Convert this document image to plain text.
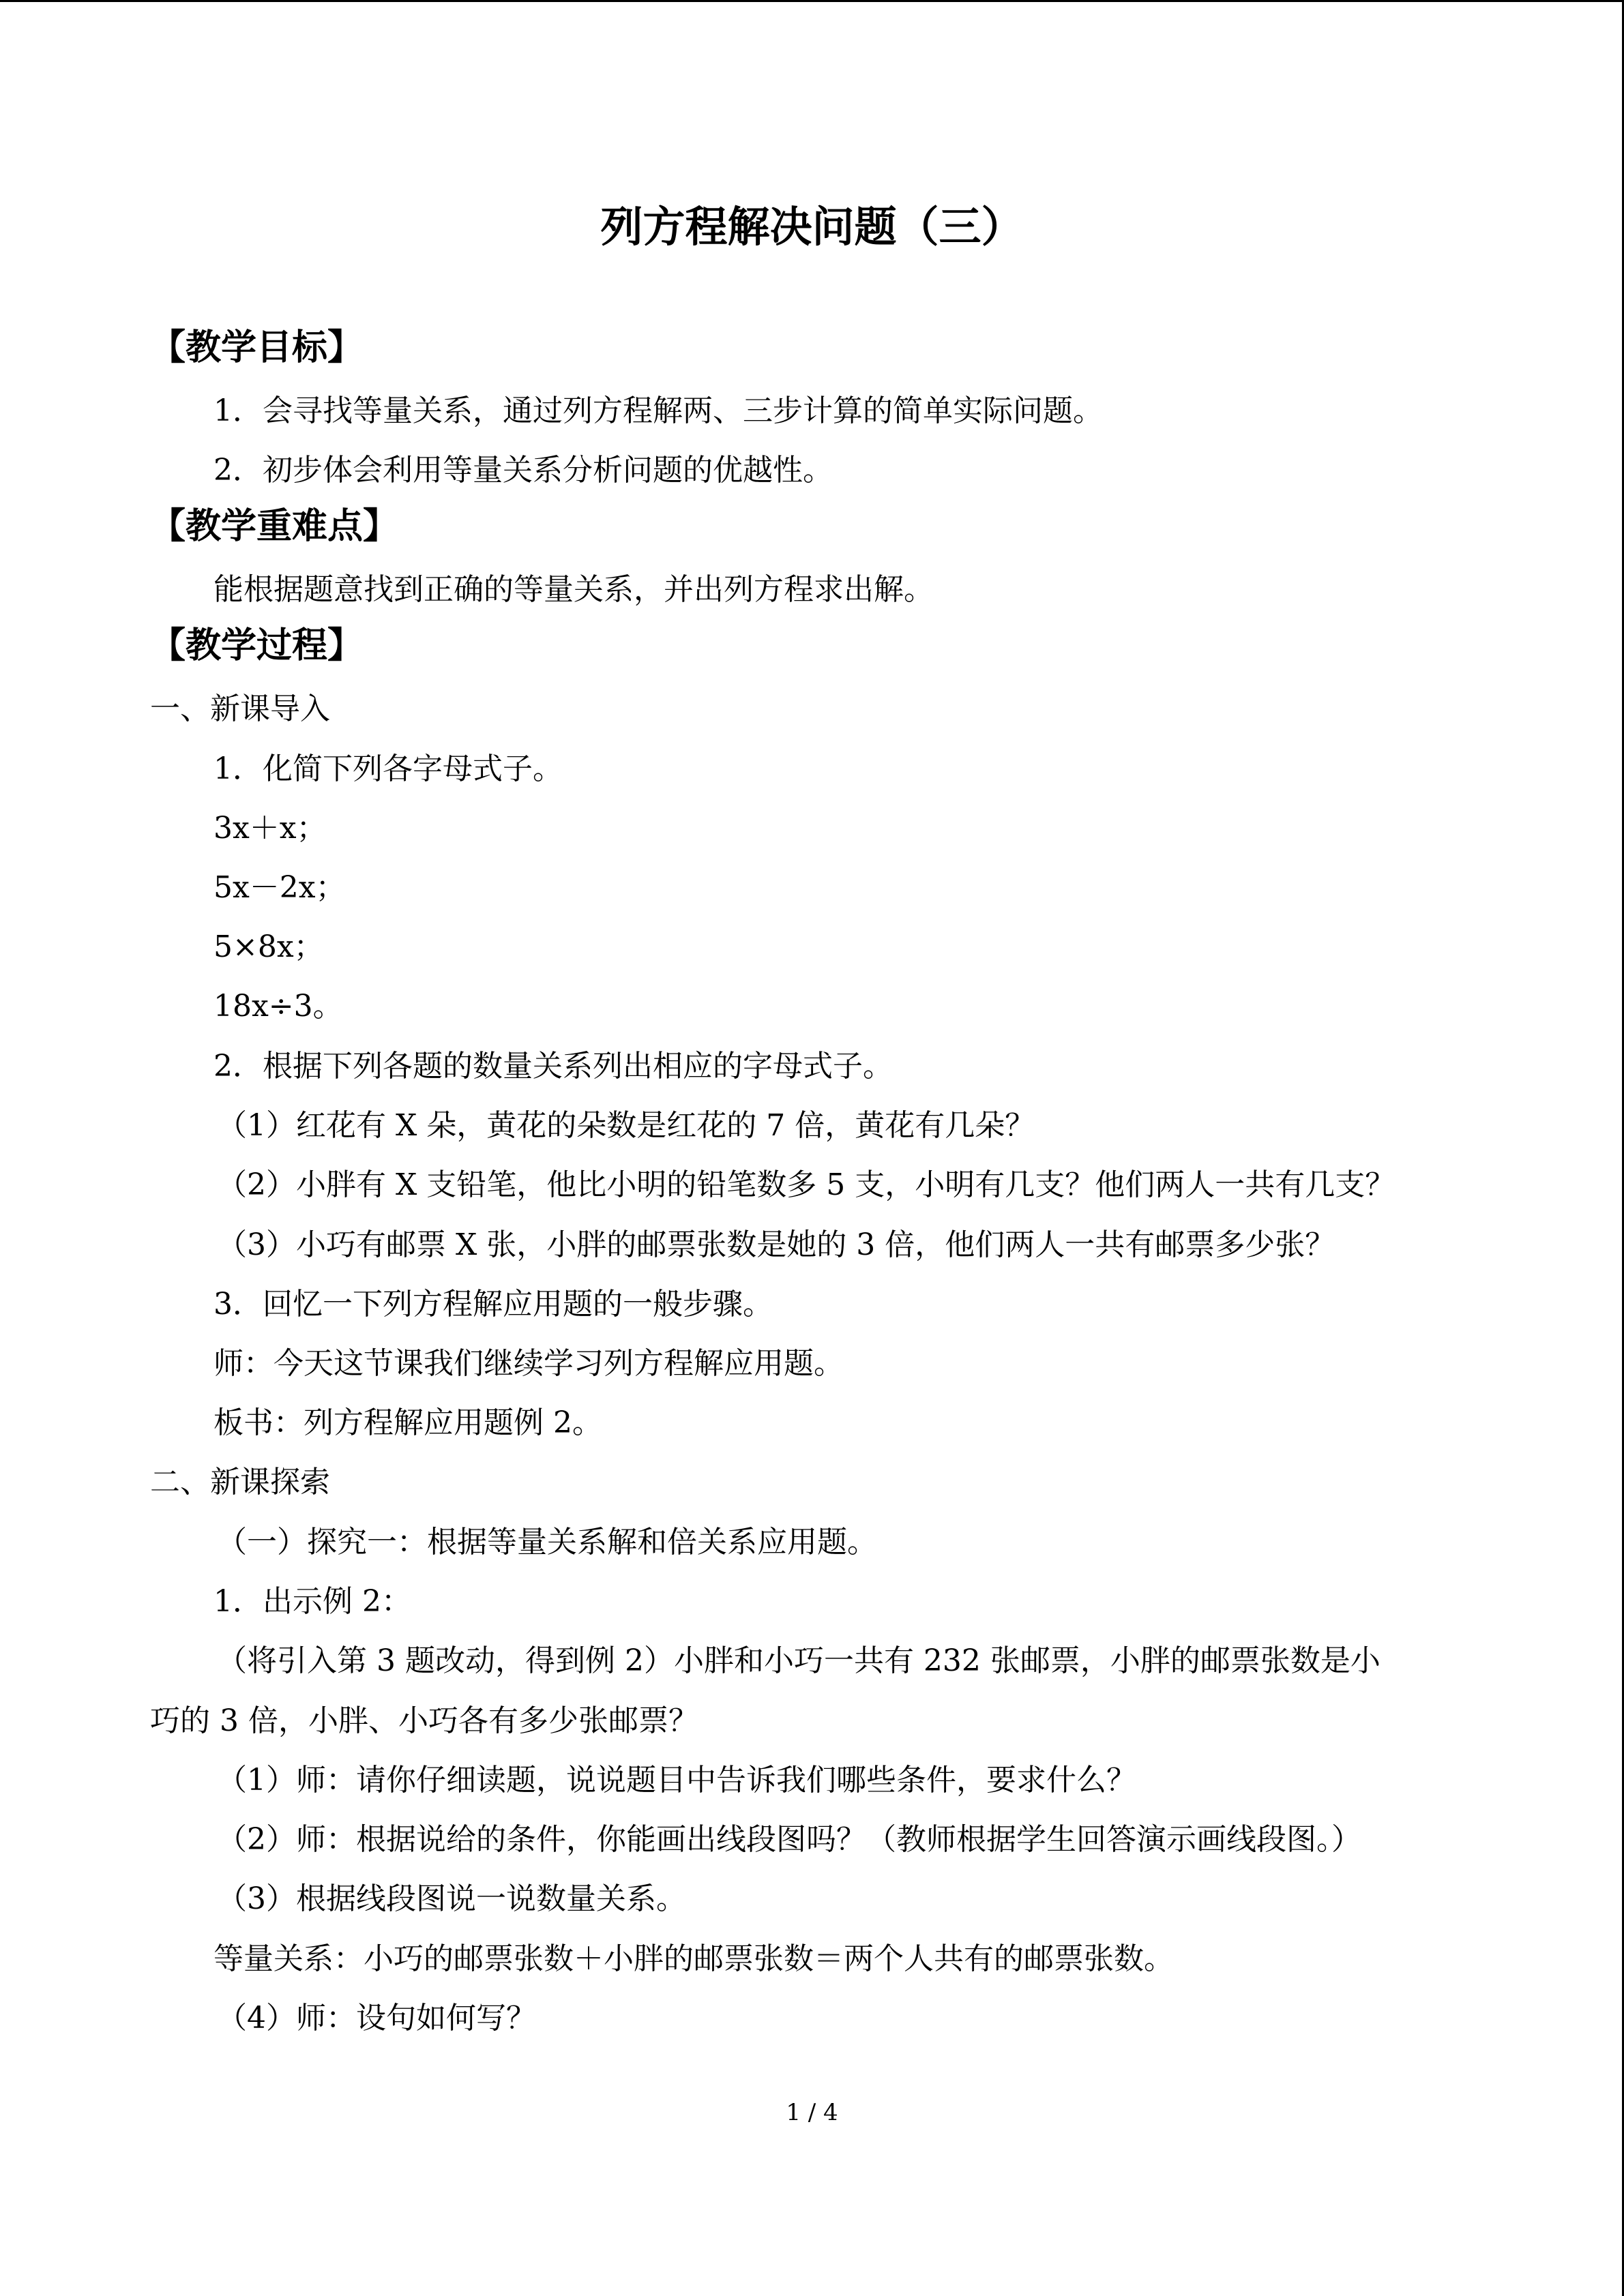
列方程解决问题（三）
【教学目标】
1．会寻找等量关系，通过列方程解两、三步计算的简单实际问题。
2．初步体会利用等量关系分析问题的优越性。
【教学重难点】
能根据题意找到正确的等量关系，并出列方程求出解。
【教学过程】
一、新课导入
1．化简下列各字母式子。
3x＋x；
5x－2x；
5×8x；
18x÷3。
2．根据下列各题的数量关系列出相应的字母式子。
（1）红花有 X 朵，黄花的朵数是红花的 7 倍，黄花有几朵？
（2）小胖有 X 支铅笔，他比小明的铅笔数多 5 支，小明有几支？他们两人一共有几支？
（3）小巧有邮票 X 张，小胖的邮票张数是她的 3 倍，他们两人一共有邮票多少张？
3．回忆一下列方程解应用题的一般步骤。
师：今天这节课我们继续学习列方程解应用题。
板书：列方程解应用题例 2。
二、新课探索
（一）探究一：根据等量关系解和倍关系应用题。
1．出示例 2：
（将引入第 3 题改动，得到例 2）小胖和小巧一共有 232 张邮票，小胖的邮票张数是小
巧的 3 倍，小胖、小巧各有多少张邮票？
（1）师：请你仔细读题，说说题目中告诉我们哪些条件，要求什么？
（2）师：根据说给的条件，你能画出线段图吗？（教师根据学生回答演示画线段图。）
（3）根据线段图说一说数量关系。
等量关系：小巧的邮票张数＋小胖的邮票张数＝两个人共有的邮票张数。
（4）师：设句如何写？
1 / 4
